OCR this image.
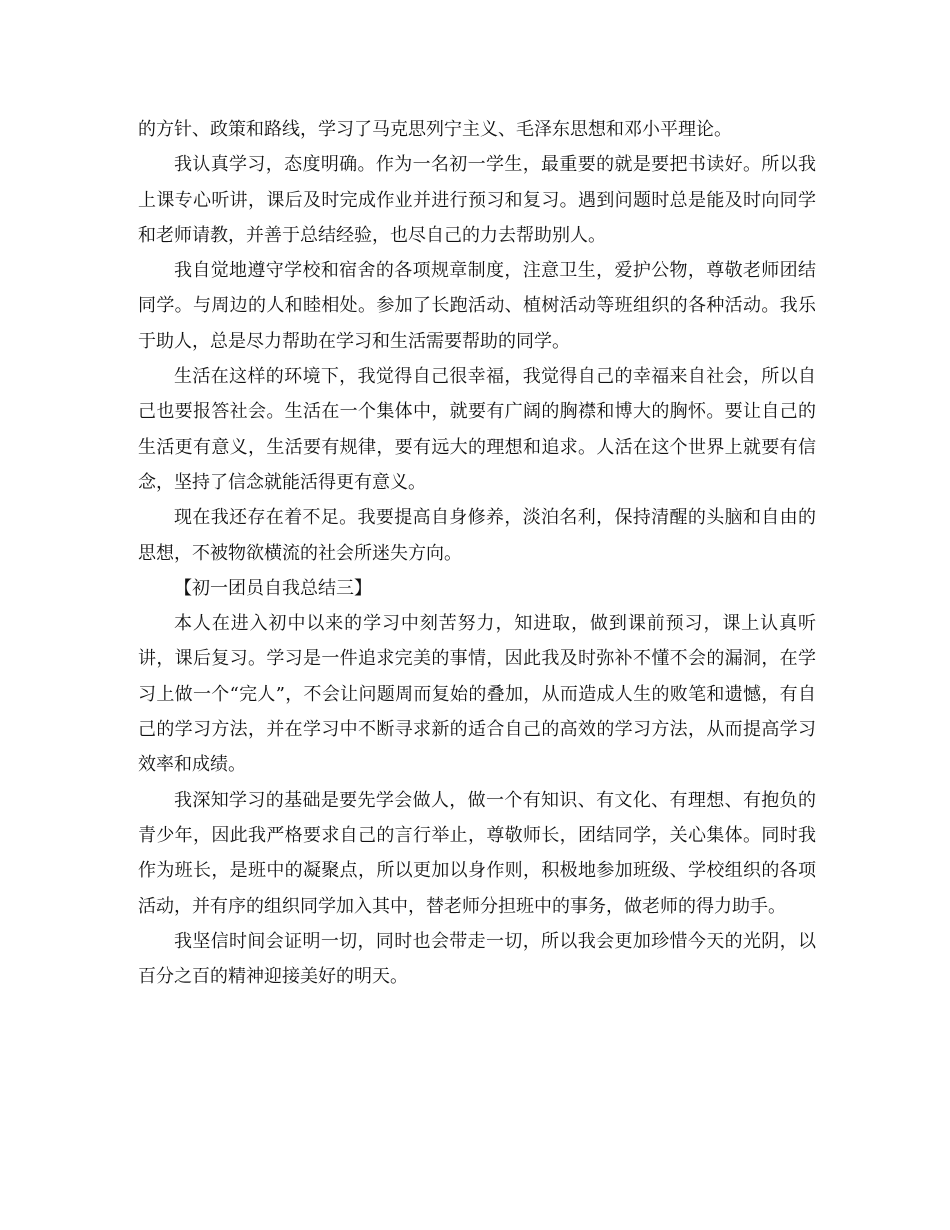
的方针、政策和路线，学习了马克思列宁主义、毛泽东思想和邓小平理论。

我认真学习，态度明确。作为一名初一学生，最重要的就是要把书读好。所以我上课专心听讲，课后及时完成作业并进行预习和复习。遇到问题时总是能及时向同学和老师请教，并善于总结经验，也尽自己的力去帮助别人。

我自觉地遵守学校和宿舍的各项规章制度，注意卫生，爱护公物，尊敬老师团结同学。与周边的人和睦相处。参加了长跑活动、植树活动等班组织的各种活动。我乐于助人，总是尽力帮助在学习和生活需要帮助的同学。

生活在这样的环境下，我觉得自己很幸福，我觉得自己的幸福来自社会，所以自己也要报答社会。生活在一个集体中，就要有广阔的胸襟和博大的胸怀。要让自己的生活更有意义，生活要有规律，要有远大的理想和追求。人活在这个世界上就要有信念，坚持了信念就能活得更有意义。

现在我还存在着不足。我要提高自身修养，淡泊名利，保持清醒的头脑和自由的思想，不被物欲横流的社会所迷失方向。

【初一团员自我总结三】

本人在进入初中以来的学习中刻苦努力，知进取，做到课前预习，课上认真听讲，课后复习。学习是一件追求完美的事情，因此我及时弥补不懂不会的漏洞，在学习上做一个“完人”，不会让问题周而复始的叠加，从而造成人生的败笔和遗憾，有自己的学习方法，并在学习中不断寻求新的适合自己的高效的学习方法，从而提高学习效率和成绩。

我深知学习的基础是要先学会做人，做一个有知识、有文化、有理想、有抱负的青少年，因此我严格要求自己的言行举止，尊敬师长，团结同学，关心集体。同时我作为班长，是班中的凝聚点，所以更加以身作则，积极地参加班级、学校组织的各项活动，并有序的组织同学加入其中，替老师分担班中的事务，做老师的得力助手。

我坚信时间会证明一切，同时也会带走一切，所以我会更加珍惜今天的光阴，以百分之百的精神迎接美好的明天。
